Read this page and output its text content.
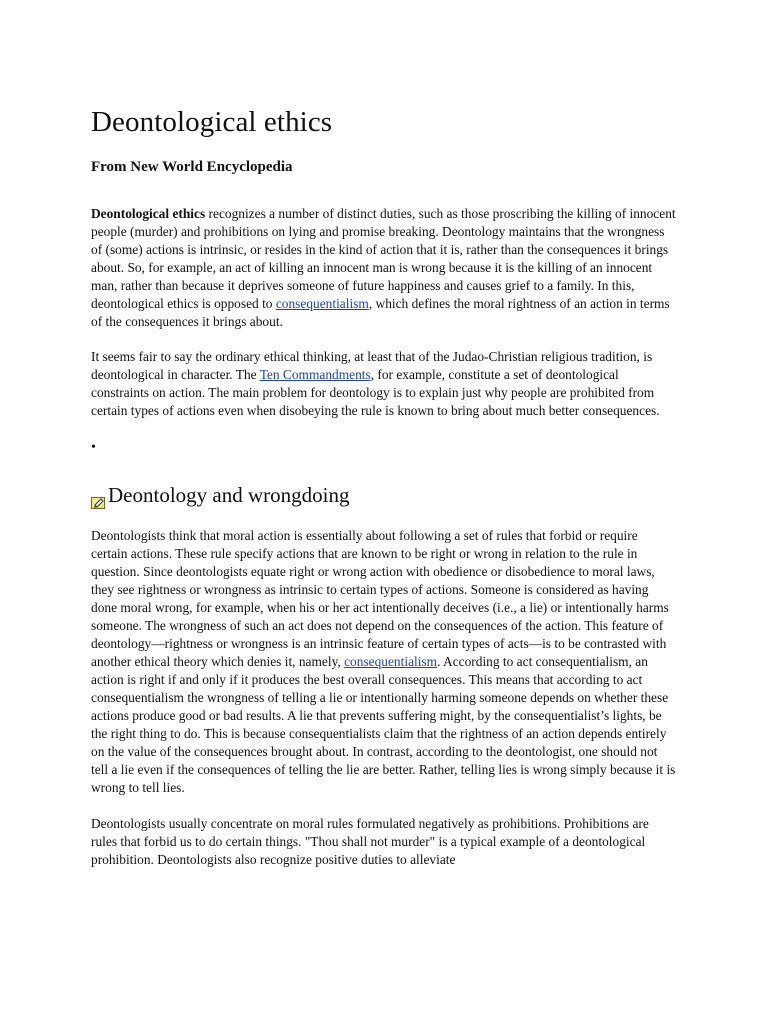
Deontological ethics
From New World Encyclopedia

Deontological ethics recognizes a number of distinct duties, such as those proscribing the killing of innocent people (murder) and prohibitions on lying and promise breaking. Deontology maintains that the wrongness of (some) actions is intrinsic, or resides in the kind of action that it is, rather than the consequences it brings about. So, for example, an act of killing an innocent man is wrong because it is the killing of an innocent man, rather than because it deprives someone of future happiness and causes grief to a family. In this, deontological ethics is opposed to consequentialism, which defines the moral rightness of an action in terms of the consequences it brings about.

It seems fair to say the ordinary ethical thinking, at least that of the Judao-Christian religious tradition, is deontological in character. The Ten Commandments, for example, constitute a set of deontological constraints on action. The main problem for deontology is to explain just why people are prohibited from certain types of actions even when disobeying the rule is known to bring about much better consequences.

•
Deontology and wrongdoing

Deontologists think that moral action is essentially about following a set of rules that forbid or require certain actions. These rule specify actions that are known to be right or wrong in relation to the rule in question. Since deontologists equate right or wrong action with obedience or disobedience to moral laws, they see rightness or wrongness as intrinsic to certain types of actions. Someone is considered as having done moral wrong, for example, when his or her act intentionally deceives (i.e., a lie) or intentionally harms someone. The wrongness of such an act does not depend on the consequences of the action. This feature of deontology—rightness or wrongness is an intrinsic feature of certain types of acts—is to be contrasted with another ethical theory which denies it, namely, consequentialism. According to act consequentialism, an action is right if and only if it produces the best overall consequences. This means that according to act consequentialism the wrongness of telling a lie or intentionally harming someone depends on whether these actions produce good or bad results. A lie that prevents suffering might, by the consequentialist’s lights, be the right thing to do. This is because consequentialists claim that the rightness of an action depends entirely on the value of the consequences brought about. In contrast, according to the deontologist, one should not tell a lie even if the consequences of telling the lie are better. Rather, telling lies is wrong simply because it is wrong to tell lies.

Deontologists usually concentrate on moral rules formulated negatively as prohibitions. Prohibitions are rules that forbid us to do certain things. "Thou shall not murder" is a typical example of a deontological prohibition. Deontologists also recognize positive duties to alleviate
